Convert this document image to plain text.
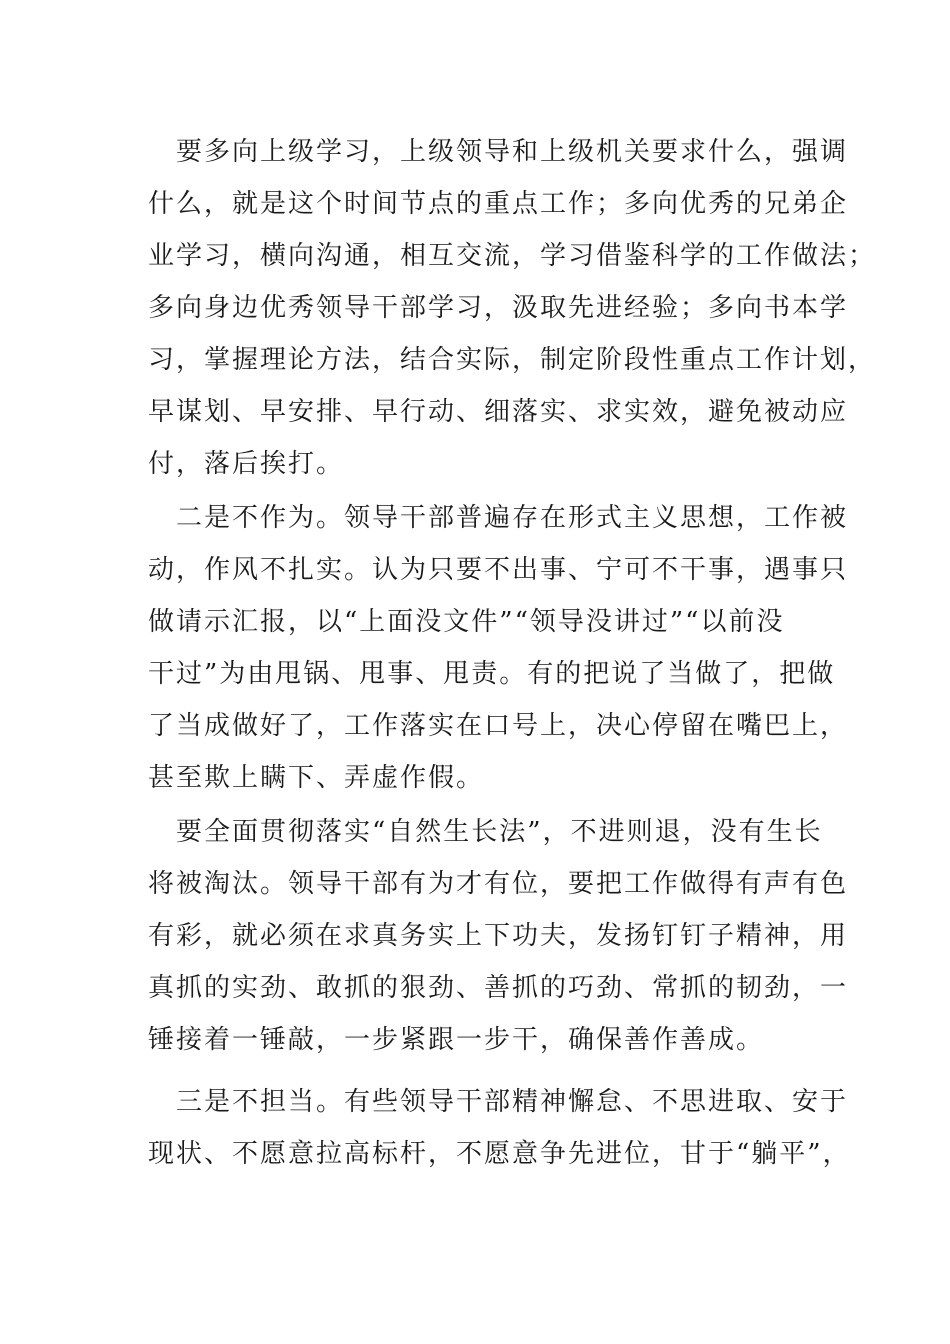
　要多向上级学习，上级领导和上级机关要求什么，强调
什么，就是这个时间节点的重点工作；多向优秀的兄弟企
业学习，横向沟通，相互交流，学习借鉴科学的工作做法；
多向身边优秀领导干部学习，汲取先进经验；多向书本学
习，掌握理论方法，结合实际，制定阶段性重点工作计划，
早谋划、早安排、早行动、细落实、求实效，避免被动应
付，落后挨打。
　二是不作为。领导干部普遍存在形式主义思想，工作被
动，作风不扎实。认为只要不出事、宁可不干事，遇事只
做请示汇报，以“上面没文件”“领导没讲过”“以前没
干过”为由甩锅、甩事、甩责。有的把说了当做了，把做
了当成做好了，工作落实在口号上，决心停留在嘴巴上，
甚至欺上瞒下、弄虚作假。
　要全面贯彻落实“自然生长法”，不进则退，没有生长
将被淘汰。领导干部有为才有位，要把工作做得有声有色
有彩，就必须在求真务实上下功夫，发扬钉钉子精神，用
真抓的实劲、敢抓的狠劲、善抓的巧劲、常抓的韧劲，一
锤接着一锤敲，一步紧跟一步干，确保善作善成。
　三是不担当。有些领导干部精神懈怠、不思进取、安于
现状、不愿意拉高标杆，不愿意争先进位，甘于“躺平”，
